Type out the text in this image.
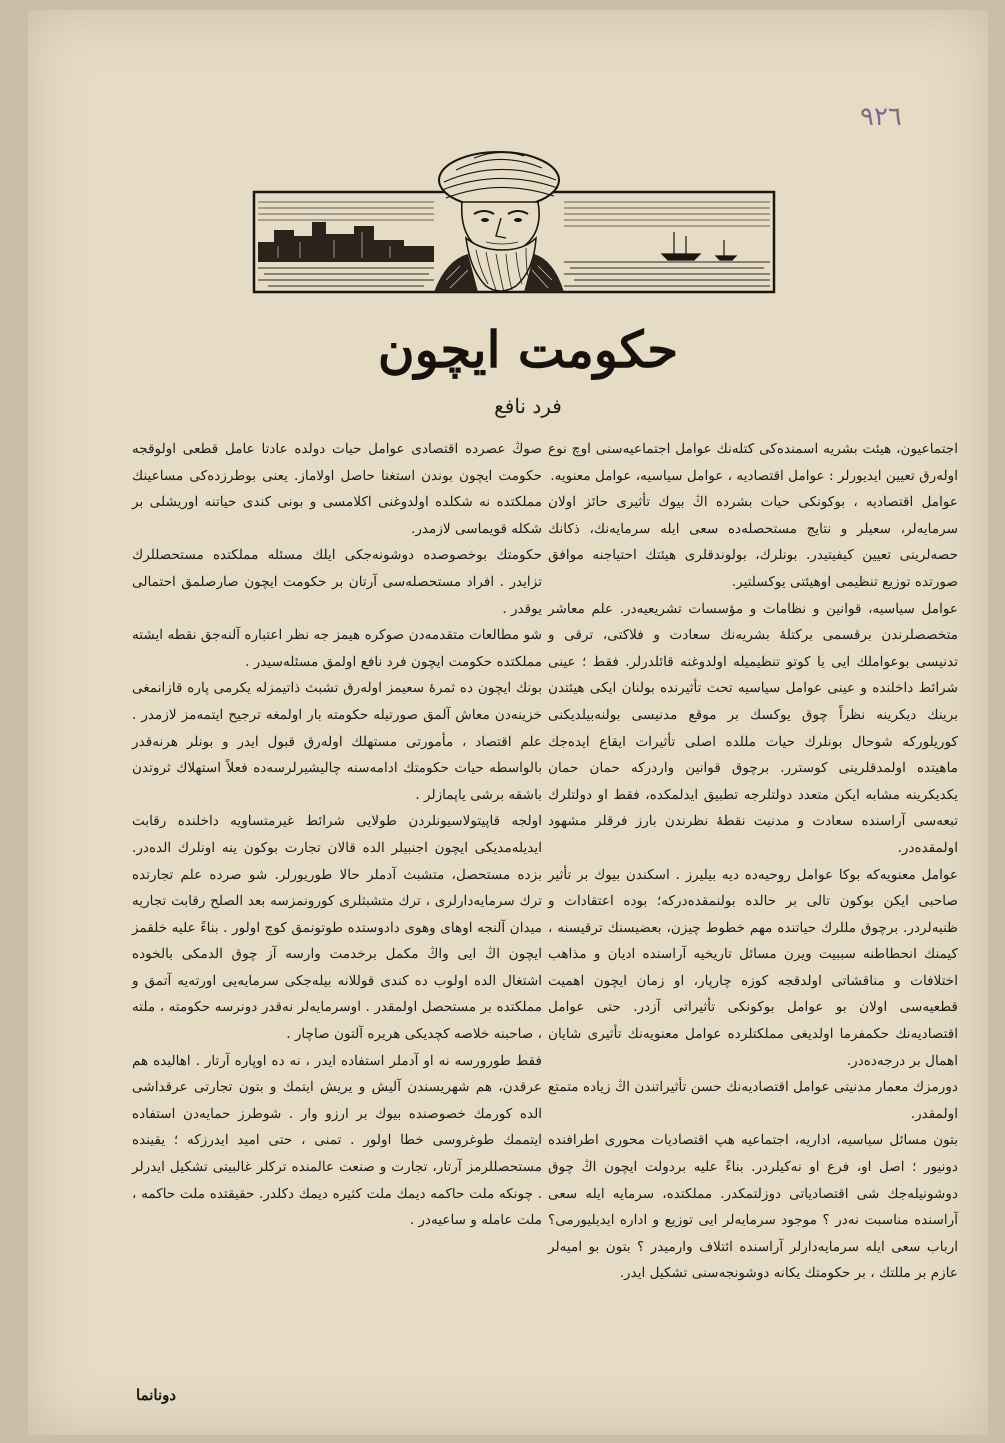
٩٢٦
حكومت ايچون
فرد نافع

اجتماعيون، هيئت بشريه اسمنده‌كى كتله‌نك عوامل اجتماعيه‌سنى اوچ نوع اوله‌رق تعيين ايديورلر : عوامل اقتصاديه ، عوامل سياسيه، عوامل معنويه.

عوامل اقتصاديه ، بوكونكى حيات بشرده اڭ بيوك تأثيرى حائز اولان سرمايه‌لر، سعيلر و نتايج مستحصله‌ده سعى ايله سرمايه‌نك، ذكانك حصه‌لرينى تعيين كيفيتيدر. بونلرك، بولوندقلرى هيئتك احتياجنه موافق صورتده توزيع تنظيمى اوهيئتى يوكسلتير.

عوامل سياسيه، قوانين و نظامات و مؤسسات تشريعيه‌در. علم معاشر متخصصلرندن برقسمى بركتله‌ٔ بشريه‌نك سعادت و فلاكتى، ترقى و تدنيسى بوعواملك ايى يا كوتو تنظيميله اولدوغنه قائلدرلر. فقط ؛ عينى شرائط داخلنده و عينى عوامل سياسيه تحت تأثيرنده بولنان ايكى هيئتدن برينك ديكرينه نظراً چوق يوكسك بر موقع مدنيسى بولنه‌بيلديكنى كوريلوركه شوحال بونلرك حيات مللده اصلى تأثيرات ايقاع ايده‌جك ماهيتده اولمدقلرينى كوسترر. برچوق قوانين واردركه حمان حمان يكديكرينه مشابه ايكن متعدد دولتلرجه تطبيق ايدلمكده، فقط او دولتلرك تبعه‌سى آراسنده سعادت و مدنيت نقطهٔ نظرندن بارز فرقلر مشهود اولمقده‌در.

عوامل معنويه‌كه بوكا عوامل روحيه‌ده ديه بيليرز . اسكندن بيوك بر تأثير صاحبى ايكن بوكون تالى بر حالده بولنمقده‌دركه؛ بوده اعتقادات و ظنيه‌لردر. برچوق مللرك حياتنده مهم خطوط چيزن، بعضيسنك ترقيسنه ، كيمنك انحطاطنه سببيت ويرن مسائل تاريخيه آراسنده اديان و مذاهب اختلافات و مناقشاتى اولدقجه‌ كوزه چارپار، او زمان ايچون اهميت قطعيه‌سى اولان بو عوامل بوكونكى تأثيراتى آزدر. حتى عوامل اقتصاديه‌نك حكمفرما اولديغى مملكتلرده عوامل معنويه‌نك تأثيرى شايان اهمال بر درجه‌ده‌در.

دورمزك معمار مدنيتى عوامل اقتصاديه‌نك حسن تأثيراتندن اڭ زياده متمتع اولمقدر.

بتون مسائل سياسيه، اداريه، اجتماعيه هپ اقتصاديات محورى اطرافنده دونيور ؛ اصل او، فرع او نه‌كيلردر. بناءً عليه بردولت ايچون اڭ چوق دوشونيله‌جك شى اقتصادياتى دوزلتمكدر. مملكتده، سرمايه ايله سعى آراسنده مناسبت نه‌در ؟ موجود سرمايه‌لر ايى توزيع و اداره ايديليورمى؟ ارباب سعى ايله سرمايه‌دارلر آراسنده ائتلاف وارمیدر ؟ بتون بو اميه‌لر عازم بر مللتك ، بر حكومتك يكانه دوشونجه‌سنى تشكيل ايدر.

صوڭ عصرده اقتصادى عوامل حيات دولده عادتا عامل قطعى اولوقجه حكومت ايچون بوندن استغنا حاصل اولاماز. يعنى بوطرزده‌كى مساعينك مملكتده نه شكلده اولدوغنى اكلامسى و بونى كندى حياتنه اوريشلى بر شكله قويماسى لازمدر.

حكومتك بوخصوصده دوشونه‌جكى ايلك مسئله مملكتده مستحصللرك تزايدر . افراد مستحصله‌سى آرتان بر حكومت ايچون صارصلمق احتمالى يوقدر .

شو مطالعات متقدمه‌دن صوكره هيمز جه نظر اعتباره آلنه‌جق نقطه ايشته مملكتده حكومت ايچون فرد نافع اولمق مسئله‌سيدر .

بونك ايچون ده ثمرهٔ سعيمز اوله‌رق تشبث ذاتيمزله يكرمى پاره قازانمغى خزينه‌دن معاش آلمق صورتيله حكومته بار اولمغه ترجيح ايتمه‌مز لازمدر . علم اقتصاد ، مأمورتى مستهلك اوله‌رق قبول ايدر و بونلر هرنه‌قدر بالواسطه حيات حكومتك ادامه‌سنه چاليشيرلرسه‌ده فعلاً استهلاك ثروتدن باشقه برشى ياپمازلر .

اولجه قاپيتولاسيونلردن طولايى شرائط غيرمتساويه داخلنده رقابت ايديله‌مديكى ايچون اجنبيلر الده قالان تجارت بوكون ينه اونلرك الده‌در. بزده مستحصل، متشبث آدملر حالا طوريورلر. شو صرده علم تجارتده ترك سرمايه‌دارلرى ، ترك متشبثلرى كورونمزسه بعد الصلح رقابت تجاريه ميدان آلنجه اوهاى وهوى دادوستده طوتونمق كوچ اولور . بناءً عليه خلقمز ايچون اڭ ايى واڭ مكمل برخدمت وارسه آز چوق الدمكى بالخوده اشتغال الده اولوب ده كندى قوللانه بيله‌جكى سرمايه‌يى اورته‌يه آتمق و مملكتده بر مستحصل اولمقدر . اوسرمايه‌لر نه‌قدر دونرسه حكومته ، ملته ، صاحبنه خلاصه كچديكى هريره آلتون صاچار .

فقط طورورسه نه او آدملر استفاده ايدر ، نه ده اوپاره آرتار . اهاليده هم عرقدن، هم شهريسندن آليش و يريش ايتمك و بتون تجارتى عرقداشى الده كورمك خصوصنده بيوك بر ارزو وار . شوطرز حمايه‌دن استفاده ايتممك طوغروسى خطا اولور . تمنى ، حتى اميد ايدرزكه ؛ يقينده مستحصللرمز آرتار، تجارت و صنعت عالمنده تركلر غالبيتى تشكيل ايدرلر . چونكه ملت حاكمه ديمك ملت كثيره ديمك دكلدر. حقيقتده ملت حاكمه ، ملت عامله و ساعيه‌در .

دونانما
